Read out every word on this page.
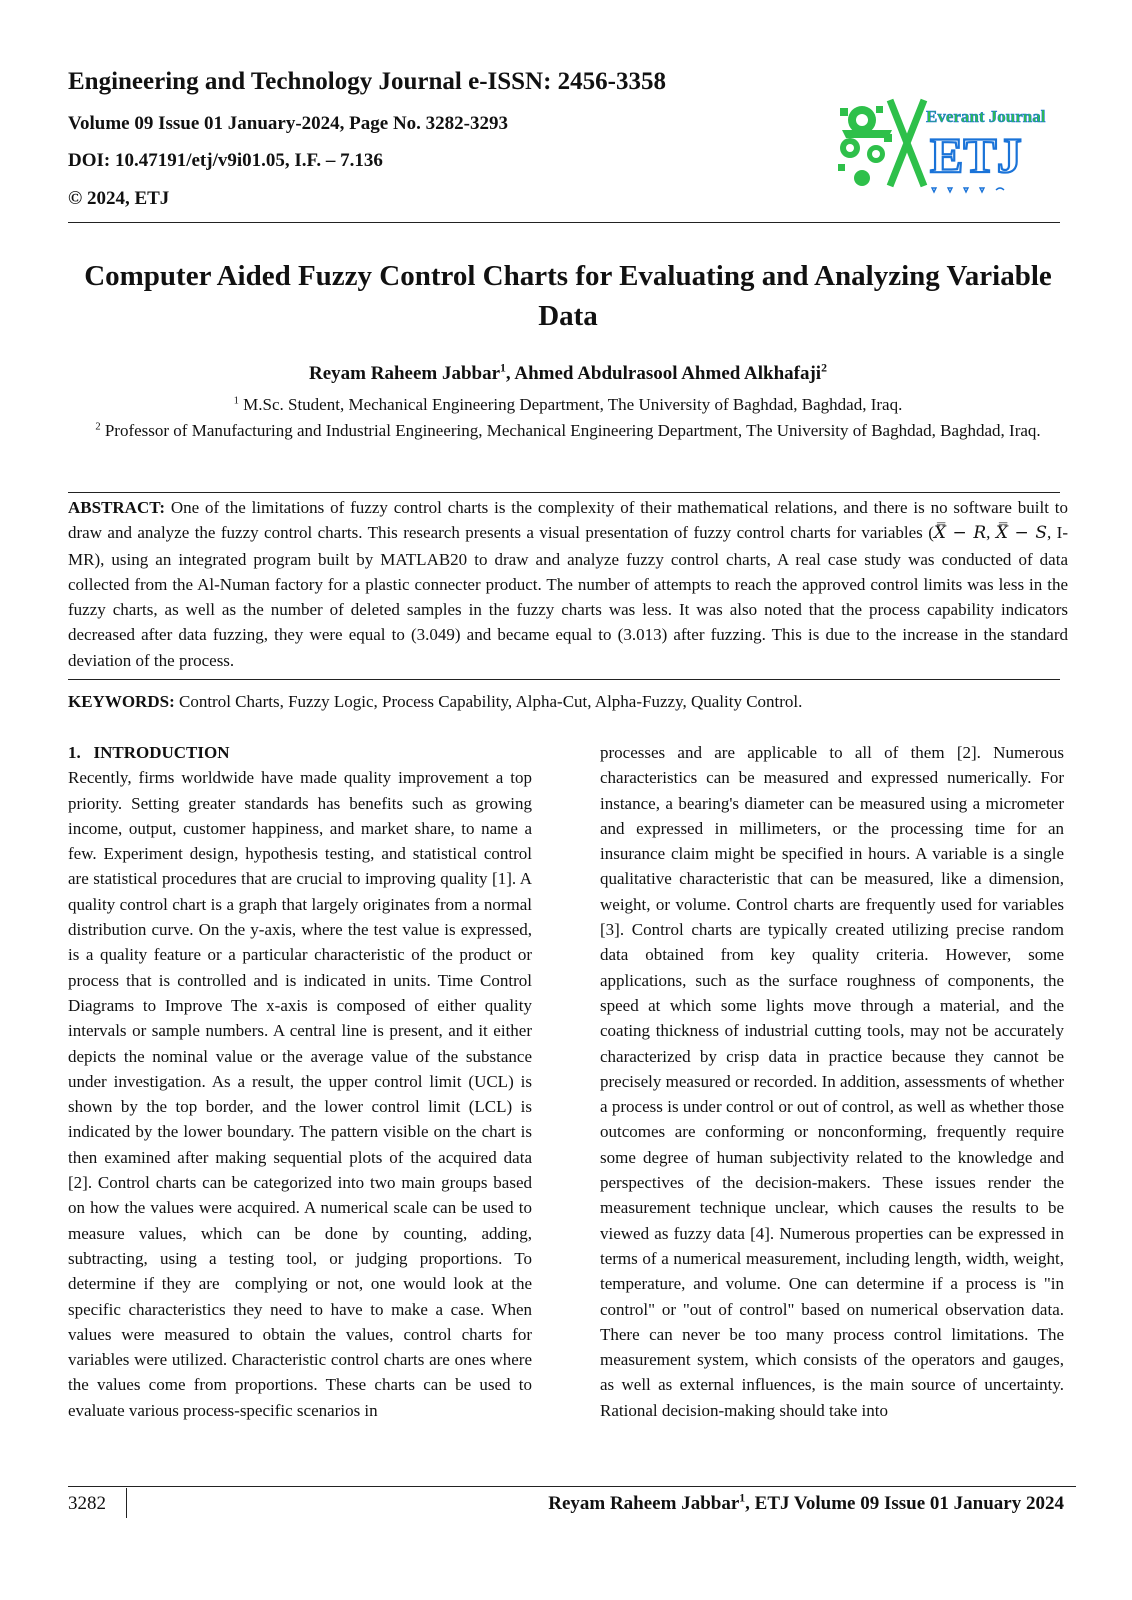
Engineering and Technology Journal e-ISSN: 2456-3358
Volume 09 Issue 01 January-2024, Page No. 3282-3293
DOI: 10.47191/etj/v9i01.05, I.F. – 7.136
© 2024, ETJ
Everant Journal
ETJ
Computer Aided Fuzzy Control Charts for Evaluating and Analyzing Variable Data
Reyam Raheem Jabbar$^1$, Ahmed Abdulrasool Ahmed Alkhafaji$^2$
$^1$ M.Sc. Student, Mechanical Engineering Department, The University of Baghdad, Baghdad, Iraq.
$^2$ Professor of Manufacturing and Industrial Engineering, Mechanical Engineering Department, The University of Baghdad, Baghdad, Iraq.

ABSTRACT: One of the limitations of fuzzy control charts is the complexity of their mathematical relations, and there is no software built to draw and analyze the fuzzy control charts. This research presents a visual presentation of fuzzy control charts for variables (X̿ − R, X̿ − S, I-MR), using an integrated program built by MATLAB20 to draw and analyze fuzzy control charts, A real case study was conducted of data collected from the Al-Numan factory for a plastic connecter product. The number of attempts to reach the approved control limits was less in the fuzzy charts, as well as the number of deleted samples in the fuzzy charts was less. It was also noted that the process capability indicators decreased after data fuzzing, they were equal to (3.049) and became equal to (3.013) after fuzzing. This is due to the increase in the standard deviation of the process.

KEYWORDS: Control Charts, Fuzzy Logic, Process Capability, Alpha-Cut, Alpha-Fuzzy, Quality Control.
1.   INTRODUCTION

Recently, firms worldwide have made quality improvement a top priority. Setting greater standards has benefits such as growing income, output, customer happiness, and market share, to name a few. Experiment design, hypothesis testing, and statistical control are statistical procedures that are crucial to improving quality [1]. A quality control chart is a graph that largely originates from a normal distribution curve. On the y-axis, where the test value is expressed, is a quality feature or a particular characteristic of the product or process that is controlled and is indicated in units. Time Control Diagrams to Improve The x-axis is composed of either quality intervals or sample numbers. A central line is present, and it either depicts the nominal value or the average value of the substance under investigation. As a result, the upper control limit (UCL) is shown by the top border, and the lower control limit (LCL) is indicated by the lower boundary. The pattern visible on the chart is then examined after making sequential plots of the acquired data [2]. Control charts can be categorized into two main groups based on how the values were acquired. A numerical scale can be used to measure values, which can be done by counting, adding, subtracting, using a testing tool, or judging proportions. To determine if they are  complying or not, one would look at the specific characteristics they need to have to make a case. When values were measured to obtain the values, control charts for variables were utilized. Characteristic control charts are ones where the values come from proportions. These charts can be used to evaluate various process-specific scenarios in

processes and are applicable to all of them [2]. Numerous characteristics can be measured and expressed numerically. For instance, a bearing's diameter can be measured using a micrometer and expressed in millimeters, or the processing time for an insurance claim might be specified in hours. A variable is a single qualitative characteristic that can be measured, like a dimension, weight, or volume. Control charts are frequently used for variables [3]. Control charts are typically created utilizing precise random data obtained from key quality criteria. However, some applications, such as the surface roughness of components, the speed at which some lights move through a material, and the coating thickness of industrial cutting tools, may not be accurately characterized by crisp data in practice because they cannot be precisely measured or recorded. In addition, assessments of whether a process is under control or out of control, as well as whether those outcomes are conforming or nonconforming, frequently require some degree of human subjectivity related to the knowledge and perspectives of the decision-makers. These issues render the measurement technique unclear, which causes the results to be viewed as fuzzy data [4]. Numerous properties can be expressed in terms of a numerical measurement, including length, width, weight, temperature, and volume. One can determine if a process is "in control" or "out of control" based on numerical observation data. There can never be too many process control limitations. The measurement system, which consists of the operators and gauges, as well as external influences, is the main source of uncertainty. Rational decision-making should take into

3282	Reyam Raheem Jabbar$^1$, ETJ Volume 09 Issue 01 January 2024
